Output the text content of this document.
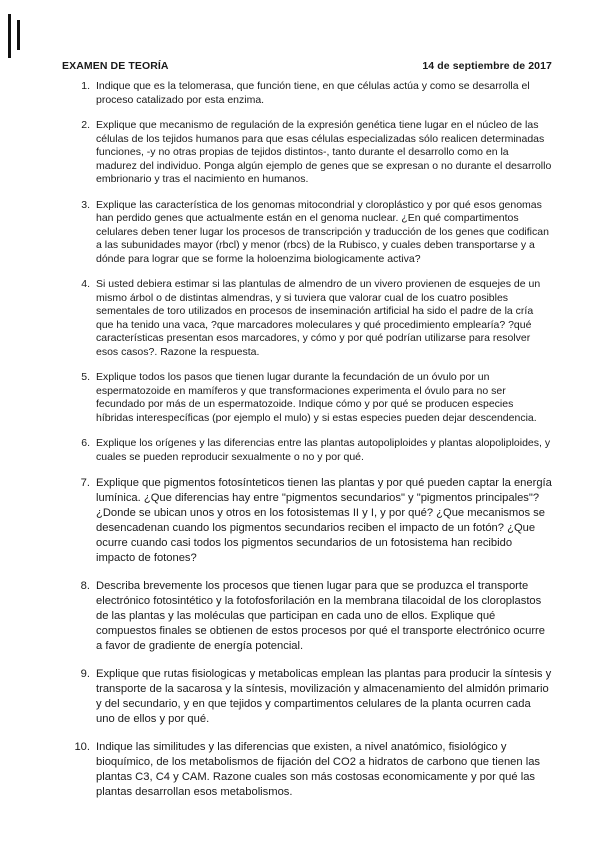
EXAMEN DE TEORÍA	14 de septiembre de 2017
1. Indique que es la telomerasa, que función tiene, en que células actúa y como se desarrolla el proceso catalizado por esta enzima.
2. Explique que mecanismo de regulación de la expresión genética tiene lugar en el núcleo de las células de los tejidos humanos para que esas células especializadas sólo realicen determinadas funciones, -y no otras propias de tejidos distintos-, tanto durante el desarrollo como en la madurez del individuo. Ponga algún ejemplo de genes que se expresan o no durante el desarrollo embrionario y tras el nacimiento en humanos.
3. Explique las característica de los genomas mitocondrial y cloroplástico y por qué esos genomas han perdido genes que actualmente están en el genoma nuclear. ¿En qué compartimentos celulares deben tener lugar los procesos de transcripción y traducción de los genes que codifican a las subunidades mayor (rbcl) y menor (rbcs) de la Rubisco, y cuales deben transportarse y a dónde para lograr que se forme la holoenzima biologicamente activa?
4. Si usted debiera estimar si las plantulas de almendro de un vivero provienen de esquejes de un mismo árbol o de distintas almendras, y si tuviera que valorar cual de los cuatro posibles sementales de toro utilizados en procesos de inseminación artificial ha sido el padre de la cría que ha tenido una vaca, ?que marcadores moleculares y qué procedimiento emplearía? ?qué características presentan esos marcadores, y cómo y por qué podrían utilizarse para resolver esos casos?. Razone la respuesta.
5. Explique todos los pasos que tienen lugar durante la fecundación de un óvulo por un espermatozoide en mamíferos y que transformaciones experimenta el óvulo para no ser fecundado por más de un espermatozoide. Indique cómo y por qué se producen especies híbridas interespecíficas (por ejemplo el mulo) y si estas especies pueden dejar descendencia.
6. Explique los orígenes y las diferencias entre las plantas autopoliploides y plantas alopoliploides, y cuales se pueden reproducir sexualmente o no y por qué.
7. Explique que pigmentos fotosínteticos tienen las plantas y por qué pueden captar la energía lumínica. ¿Que diferencias hay entre "pigmentos secundarios" y "pigmentos principales"? ¿Donde se ubican unos y otros en los fotosistemas II y I, y por qué? ¿Que mecanismos se desencadenan cuando los pigmentos secundarios reciben el impacto de un fotón? ¿Que ocurre cuando casi todos los pigmentos secundarios de un fotosistema han recibido impacto de fotones?
8. Describa brevemente los procesos que tienen lugar para que se produzca el transporte electrónico fotosintético y la fotofosforilación en la membrana tilacoidal de los cloroplastos de las plantas y las moléculas que participan en cada uno de ellos. Explique qué compuestos finales se obtienen de estos procesos por qué el transporte electrónico ocurre a favor de gradiente de energía potencial.
9. Explique que rutas fisiologicas y metabolicas emplean las plantas para producir la síntesis y transporte de la sacarosa y la síntesis, movilización y almacenamiento del almidón primario y del secundario, y en que tejidos y compartimentos celulares de la planta ocurren cada uno de ellos y por qué.
10. Indique las similitudes y las diferencias que existen, a nivel anatómico, fisiológico y bioquímico, de los metabolismos de fijación del CO2 a hidratos de carbono que tienen las plantas C3, C4 y CAM. Razone cuales son más costosas economicamente y por qué las plantas desarrollan esos metabolismos.
